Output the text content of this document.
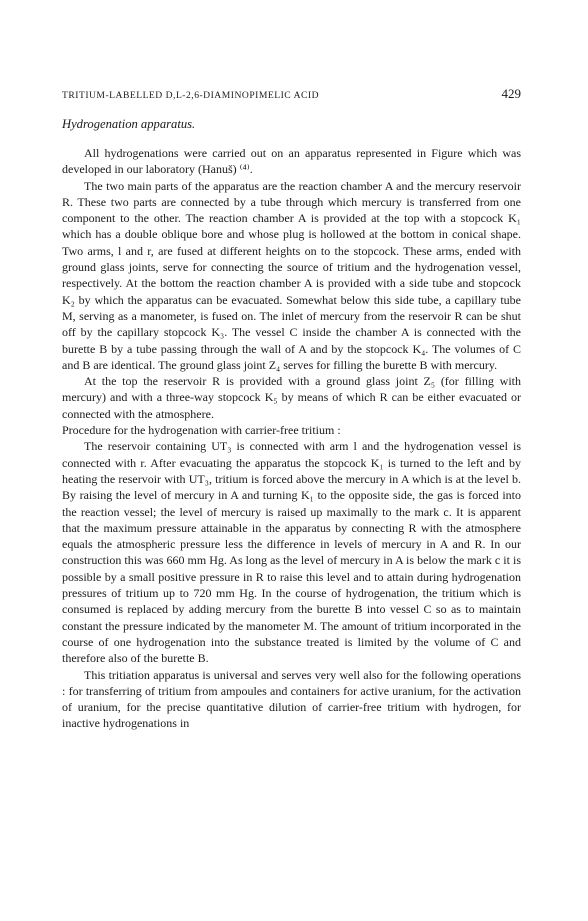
TRITIUM-LABELLED D,L-2,6-DIAMINOPIMELIC ACID	429
Hydrogenation apparatus.

All hydrogenations were carried out on an apparatus represented in Figure which was developed in our laboratory (Hanuš) ⁽⁴⁾.

The two main parts of the apparatus are the reaction chamber A and the mercury reservoir R. These two parts are connected by a tube through which mercury is transferred from one component to the other. The reaction chamber A is provided at the top with a stopcock K₁ which has a double oblique bore and whose plug is hollowed at the bottom in conical shape. Two arms, l and r, are fused at different heights on to the stopcock. These arms, ended with ground glass joints, serve for connecting the source of tritium and the hydrogenation vessel, respectively. At the bottom the reaction chamber A is provided with a side tube and stopcock K₂ by which the apparatus can be evacuated. Somewhat below this side tube, a capillary tube M, serving as a manometer, is fused on. The inlet of mercury from the reservoir R can be shut off by the capillary stopcock K₃. The vessel C inside the chamber A is connected with the burette B by a tube passing through the wall of A and by the stopcock K₄. The volumes of C and B are identical. The ground glass joint Z₄ serves for filling the burette B with mercury.

At the top the reservoir R is provided with a ground glass joint Z₅ (for filling with mercury) and with a three-way stopcock K₅ by means of which R can be either evacuated or connected with the atmosphere.

Procedure for the hydrogenation with carrier-free tritium :

The reservoir containing UT₃ is connected with arm l and the hydrogenation vessel is connected with r. After evacuating the apparatus the stopcock K₁ is turned to the left and by heating the reservoir with UT₃, tritium is forced above the mercury in A which is at the level b. By raising the level of mercury in A and turning K₁ to the opposite side, the gas is forced into the reaction vessel; the level of mercury is raised up maximally to the mark c. It is apparent that the maximum pressure attainable in the apparatus by connecting R with the atmosphere equals the atmospheric pressure less the difference in levels of mercury in A and R. In our construction this was 660 mm Hg. As long as the level of mercury in A is below the mark c it is possible by a small positive pressure in R to raise this level and to attain during hydrogenation pressures of tritium up to 720 mm Hg. In the course of hydrogenation, the tritium which is consumed is replaced by adding mercury from the burette B into vessel C so as to maintain constant the pressure indicated by the manometer M. The amount of tritium incorporated in the course of one hydrogenation into the substance treated is limited by the volume of C and therefore also of the burette B.

This tritiation apparatus is universal and serves very well also for the following operations : for transferring of tritium from ampoules and containers for active uranium, for the activation of uranium, for the precise quantitative dilution of carrier-free tritium with hydrogen, for inactive hydrogenations in
